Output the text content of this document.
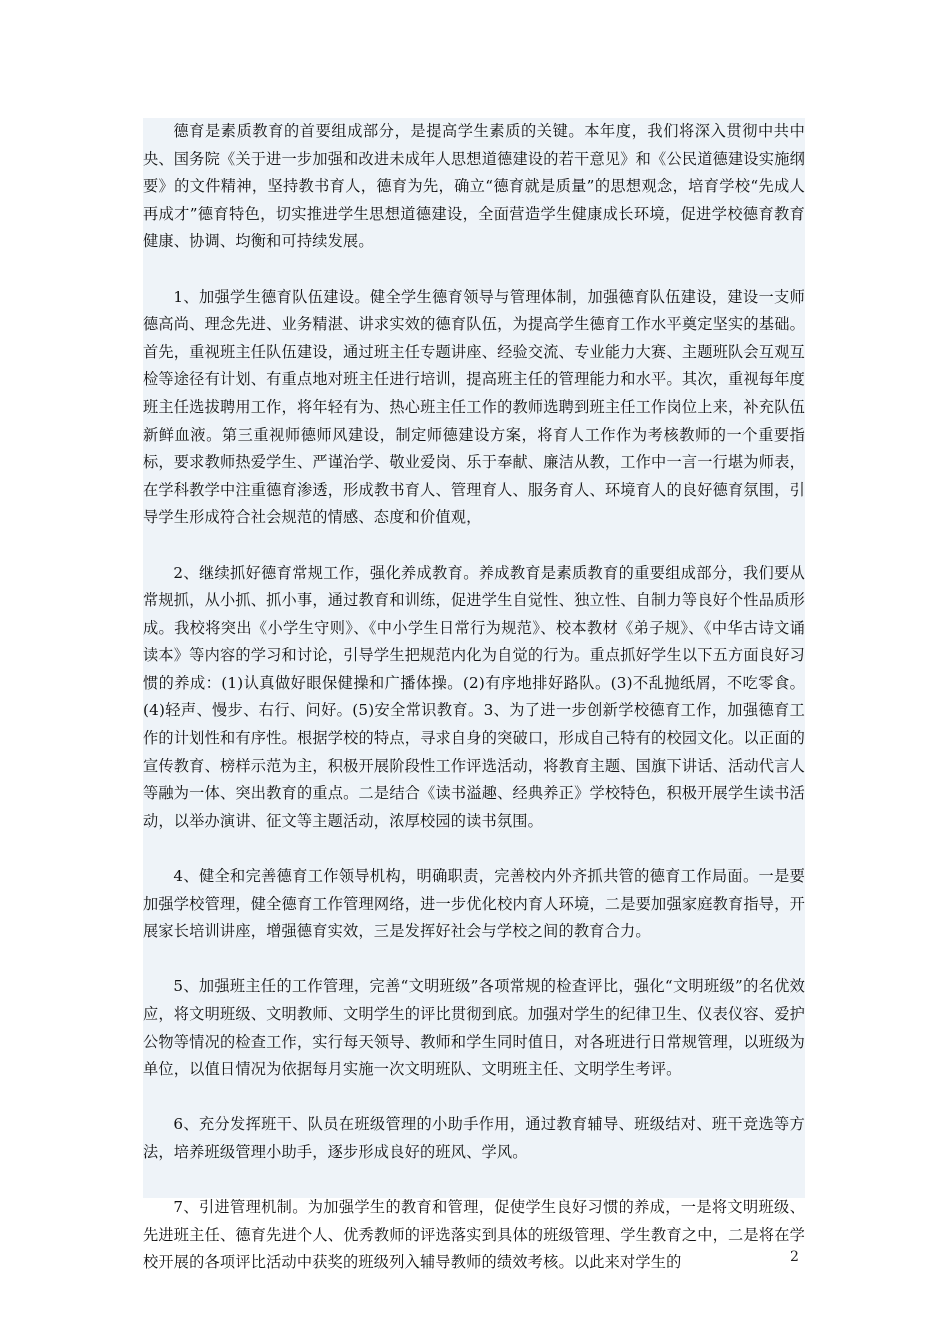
德育是素质教育的首要组成部分，是提高学生素质的关键。本年度，我们将深入贯彻中共中央、国务院《关于进一步加强和改进未成年人思想道德建设的若干意见》和《公民道德建设实施纲要》的文件精神，坚持教书育人，德育为先，确立“德育就是质量”的思想观念，培育学校“先成人再成才”德育特色，切实推进学生思想道德建设，全面营造学生健康成长环境，促进学校德育教育健康、协调、均衡和可持续发展。

1、加强学生德育队伍建设。健全学生德育领导与管理体制，加强德育队伍建设，建设一支师德高尚、理念先进、业务精湛、讲求实效的德育队伍，为提高学生德育工作水平奠定坚实的基础。首先，重视班主任队伍建设，通过班主任专题讲座、经验交流、专业能力大赛、主题班队会互观互检等途径有计划、有重点地对班主任进行培训，提高班主任的管理能力和水平。其次，重视每年度班主任选拔聘用工作，将年轻有为、热心班主任工作的教师选聘到班主任工作岗位上来，补充队伍新鲜血液。第三重视师德师风建设，制定师德建设方案，将育人工作作为考核教师的一个重要指标，要求教师热爱学生、严谨治学、敬业爱岗、乐于奉献、廉洁从教，工作中一言一行堪为师表，在学科教学中注重德育渗透，形成教书育人、管理育人、服务育人、环境育人的良好德育氛围，引导学生形成符合社会规范的情感、态度和价值观，

2、继续抓好德育常规工作，强化养成教育。养成教育是素质教育的重要组成部分，我们要从常规抓，从小抓、抓小事，通过教育和训练，促进学生自觉性、独立性、自制力等良好个性品质形成。我校将突出《小学生守则》、《中小学生日常行为规范》、校本教材《弟子规》、《中华古诗文诵读本》等内容的学习和讨论，引导学生把规范内化为自觉的行为。重点抓好学生以下五方面良好习惯的养成：(1)认真做好眼保健操和广播体操。(2)有序地排好路队。(3)不乱抛纸屑，不吃零食。(4)轻声、慢步、右行、问好。(5)安全常识教育。3、为了进一步创新学校德育工作，加强德育工作的计划性和有序性。根据学校的特点，寻求自身的突破口，形成自己特有的校园文化。以正面的宣传教育、榜样示范为主，积极开展阶段性工作评选活动，将教育主题、国旗下讲话、活动代言人等融为一体、突出教育的重点。二是结合《读书溢趣、经典养正》学校特色，积极开展学生读书活动，以举办演讲、征文等主题活动，浓厚校园的读书氛围。

4、健全和完善德育工作领导机构，明确职责，完善校内外齐抓共管的德育工作局面。一是要加强学校管理，健全德育工作管理网络，进一步优化校内育人环境，二是要加强家庭教育指导，开展家长培训讲座，增强德育实效，三是发挥好社会与学校之间的教育合力。

5、加强班主任的工作管理，完善“文明班级”各项常规的检查评比，强化“文明班级”的名优效应，将文明班级、文明教师、文明学生的评比贯彻到底。加强对学生的纪律卫生、仪表仪容、爱护公物等情况的检查工作，实行每天领导、教师和学生同时值日，对各班进行日常规管理，以班级为单位，以值日情况为依据每月实施一次文明班队、文明班主任、文明学生考评。

6、充分发挥班干、队员在班级管理的小助手作用，通过教育辅导、班级结对、班干竞选等方法，培养班级管理小助手，逐步形成良好的班风、学风。

7、引进管理机制。为加强学生的教育和管理，促使学生良好习惯的养成，一是将文明班级、先进班主任、德育先进个人、优秀教师的评选落实到具体的班级管理、学生教育之中，二是将在学校开展的各项评比活动中获奖的班级列入辅导教师的绩效考核。以此来对学生的	2
